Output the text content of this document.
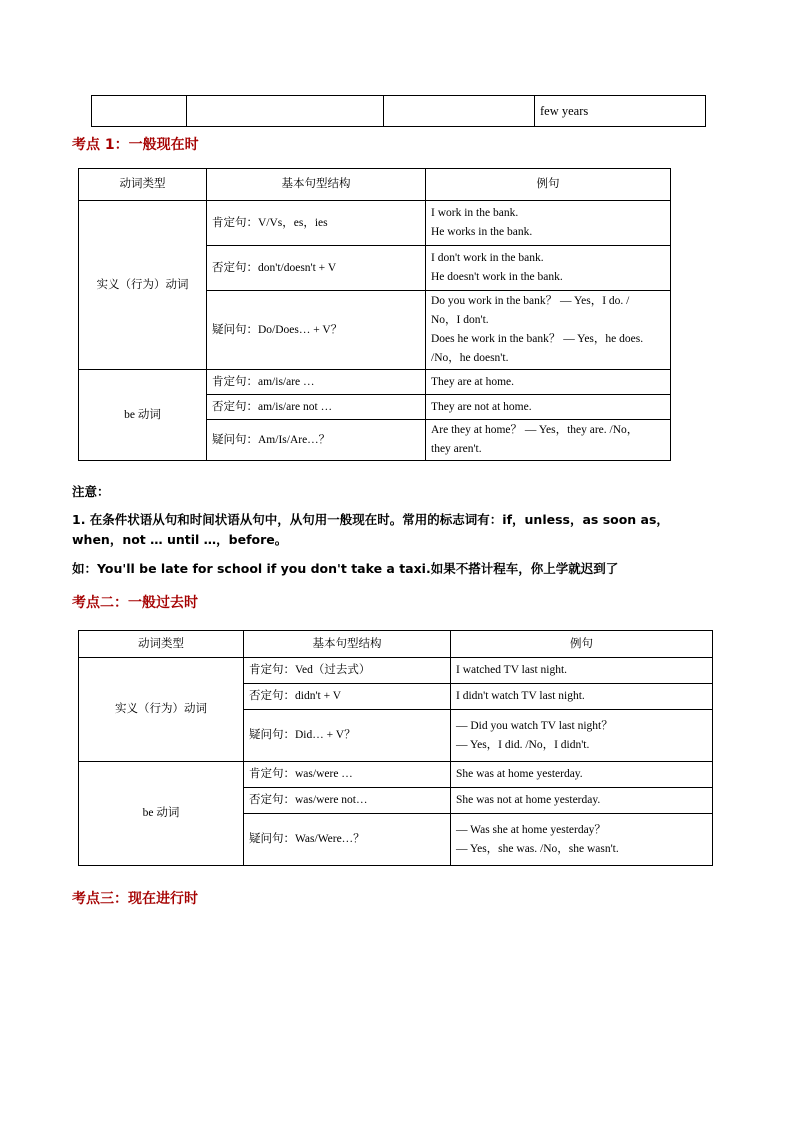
			few years
考点 1：一般现在时
动词类型	基本句型结构	例句
实义（行为）动词	肯定句：V/Vs，es，ies	I work in the bank.
He works in the bank.

	否定句：don't/doesn't + V	I don't work in the bank.
He doesn't work in the bank.

	疑问句：Do/Does… + V？	Do you work in the bank？ — Yes，I do. /
No，I don't.
Does he work in the bank？ — Yes，he does.
/No，he doesn't.

be 动词	肯定句：am/is/are …	They are at home.

	否定句：am/is/are not …	They are not at home.

	疑问句：Am/Is/Are…？	Are they at home？ — Yes，they are. /No，
they aren't.
注意：
1. 在条件状语从句和时间状语从句中，从句用一般现在时。常用的标志词有：if，unless，as soon as，
when，not … until …，before。
如：You'll be late for school if you don't take a taxi.如果不搭计程车，你上学就迟到了
考点二：一般过去时
动词类型	基本句型结构	例句
实义（行为）动词	肯定句：Ved（过去式）	I watched TV last night.

	否定句：didn't + V	I didn't watch TV last night.

	疑问句：Did… + V？	— Did you watch TV last night？
— Yes，I did. /No，I didn't.

be 动词	肯定句：was/were …	She was at home yesterday.

	否定句：was/were not…	She was not at home yesterday.

	疑问句：Was/Were…？	— Was she at home yesterday？
— Yes，she was. /No，she wasn't.
考点三：现在进行时
